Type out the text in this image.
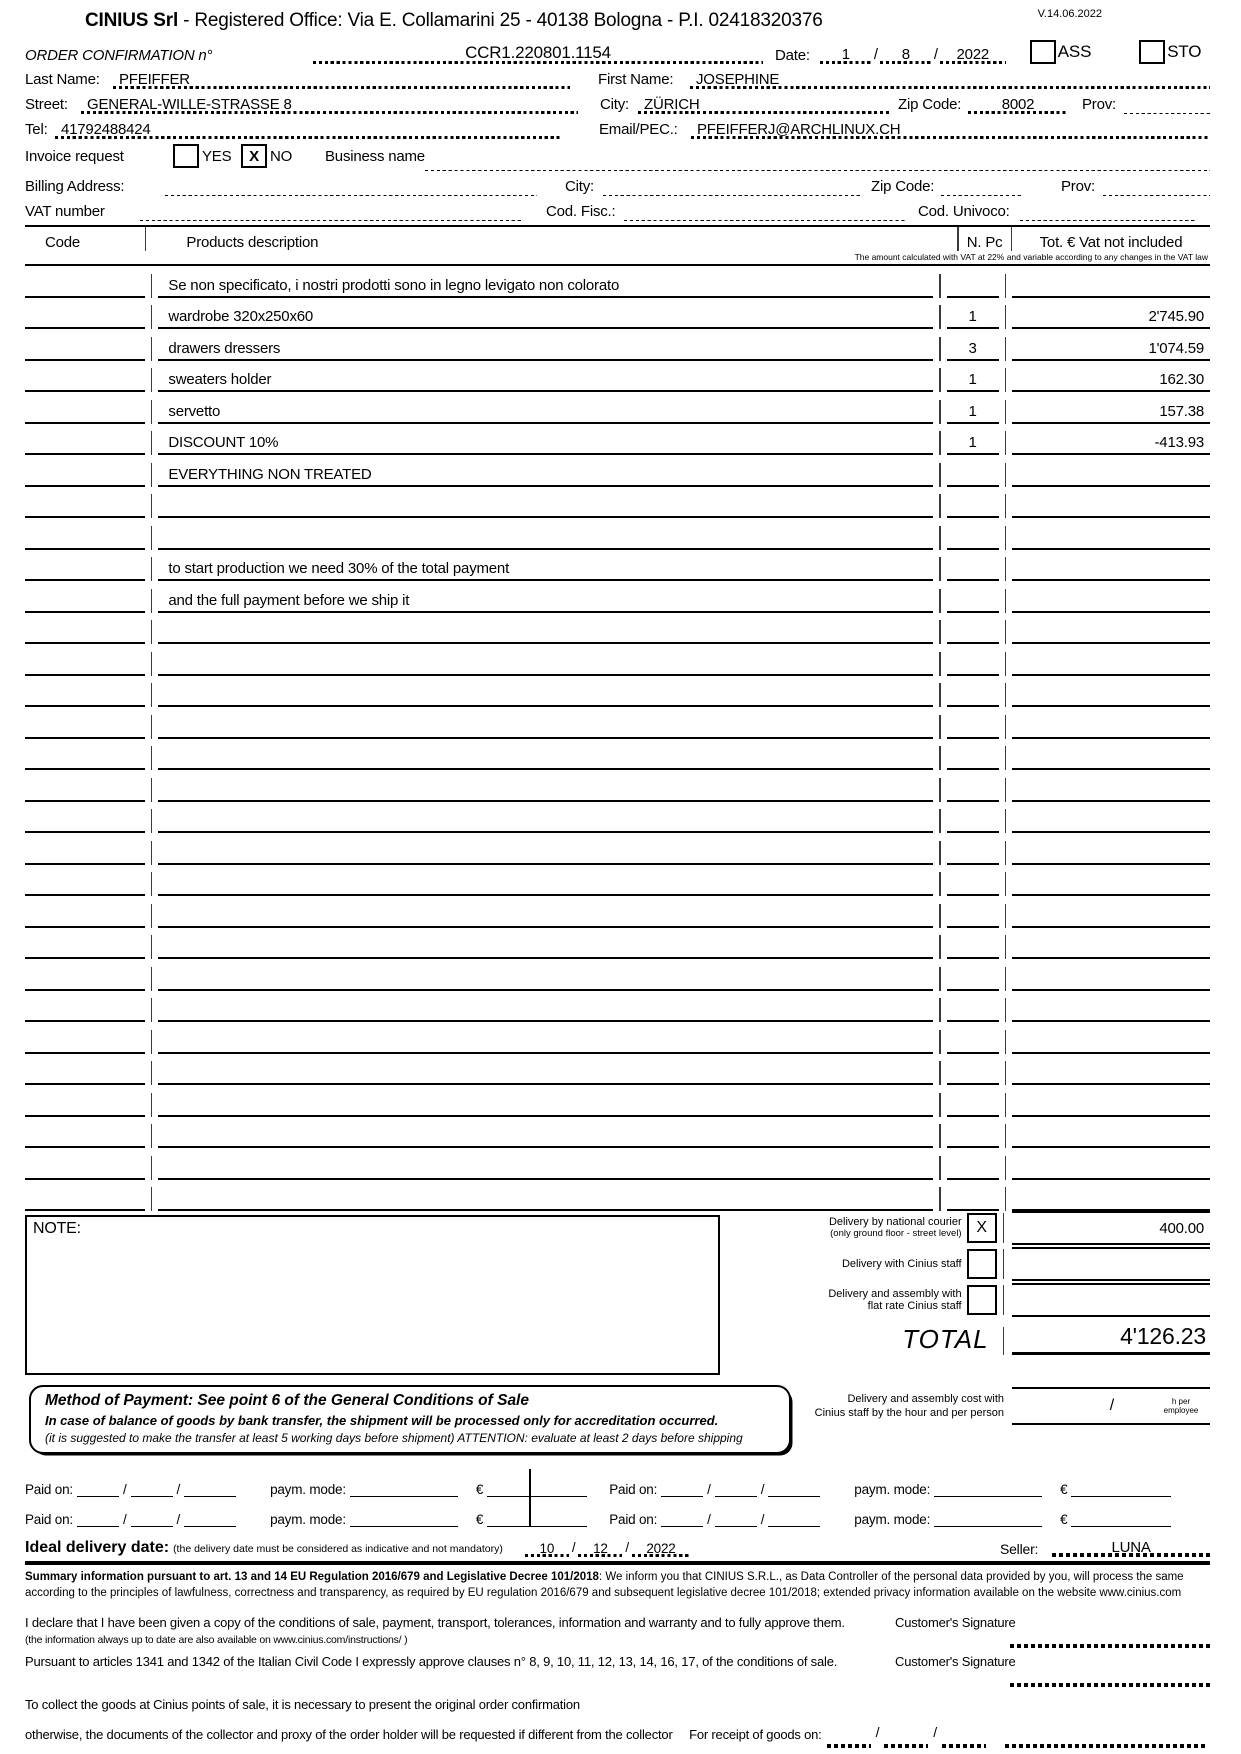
CINIUS Srl - Registered Office: Via E. Collamarini 25 - 40138 Bologna - P.I. 02418320376	V.14.06.2022
ORDER CONFIRMATION n°	CCR1.220801.1154	Date:	1	/	8	/	2022	ASS	STO
Last Name:	PFEIFFER	First Name:	JOSEPHINE
Street:	GENERAL-WILLE-STRASSE 8	City: ZÜRICH	Zip Code:	8002	Prov:
Tel: 41792488424	Email/PEC.:	PFEIFFERJ@ARCHLINUX.CH
Invoice request	YES	X NO	Business name
Billing Address:	City:	Zip Code:	Prov:
VAT number	Cod. Fisc.:	Cod. Univoco:
Code	Products description	N. Pc	Tot. € Vat not included
The amount calculated with VAT at 22% and variable according to any changes in the VAT law
Se non specificato, i nostri prodotti sono in legno levigato non colorato
wardrobe 320x250x60	1	2'745.90
drawers dressers	3	1'074.59
sweaters holder	1	162.30
servetto	1	157.38
DISCOUNT 10%	1	-413.93
EVERYTHING NON TREATED
to start production we need 30% of the total payment
and the full payment before we ship it
NOTE:	Delivery by national courier
(only ground floor - street level) X	400.00
Delivery with Cinius staff
Delivery and assembly with
flat rate Cinius staff
TOTAL	4'126.23
Method of Payment: See point 6 of the General Conditions of Sale
In case of balance of goods by bank transfer, the shipment will be processed only for accreditation occurred.
(it is suggested to make the transfer at least 5 working days before shipment) ATTENTION: evaluate at least 2 days before shipping
Delivery and assembly cost with
Cinius staff by the hour and per person	/	h per
employee
Paid on:	/	/	paym. mode:	€	Paid on:	/	/	paym. mode:	€
Paid on:	/	/	paym. mode:	€	Paid on:	/	/	paym. mode:	€
Ideal delivery date: (the delivery date must be considered as indicative and not mandatory)	10	/	12	/	2022	Seller:	LUNA
Summary information pursuant to art. 13 and 14 EU Regulation 2016/679 and Legislative Decree 101/2018: We inform you that CINIUS S.R.L., as Data Controller of the personal data provided by you, will process the same according to the principles of lawfulness, correctness and transparency, as required by EU regulation 2016/679 and subsequent legislative decree 101/2018; extended privacy information available on the website www.cinius.com
I declare that I have been given a copy of the conditions of sale, payment, transport, tolerances, information and warranty and to fully approve them.
(the information always up to date are also available on www.cinius.com/instructions/ )
Customer's Signature
Pursuant to articles 1341 and 1342 of the Italian Civil Code I expressly approve clauses n° 8, 9, 10, 11, 12, 13, 14, 16, 17, of the conditions of sale.	Customer's Signature
To collect the goods at Cinius points of sale, it is necessary to present the original order confirmation
otherwise, the documents of the collector and proxy of the order holder will be requested if different from the collector	For receipt of goods on:	/	/
